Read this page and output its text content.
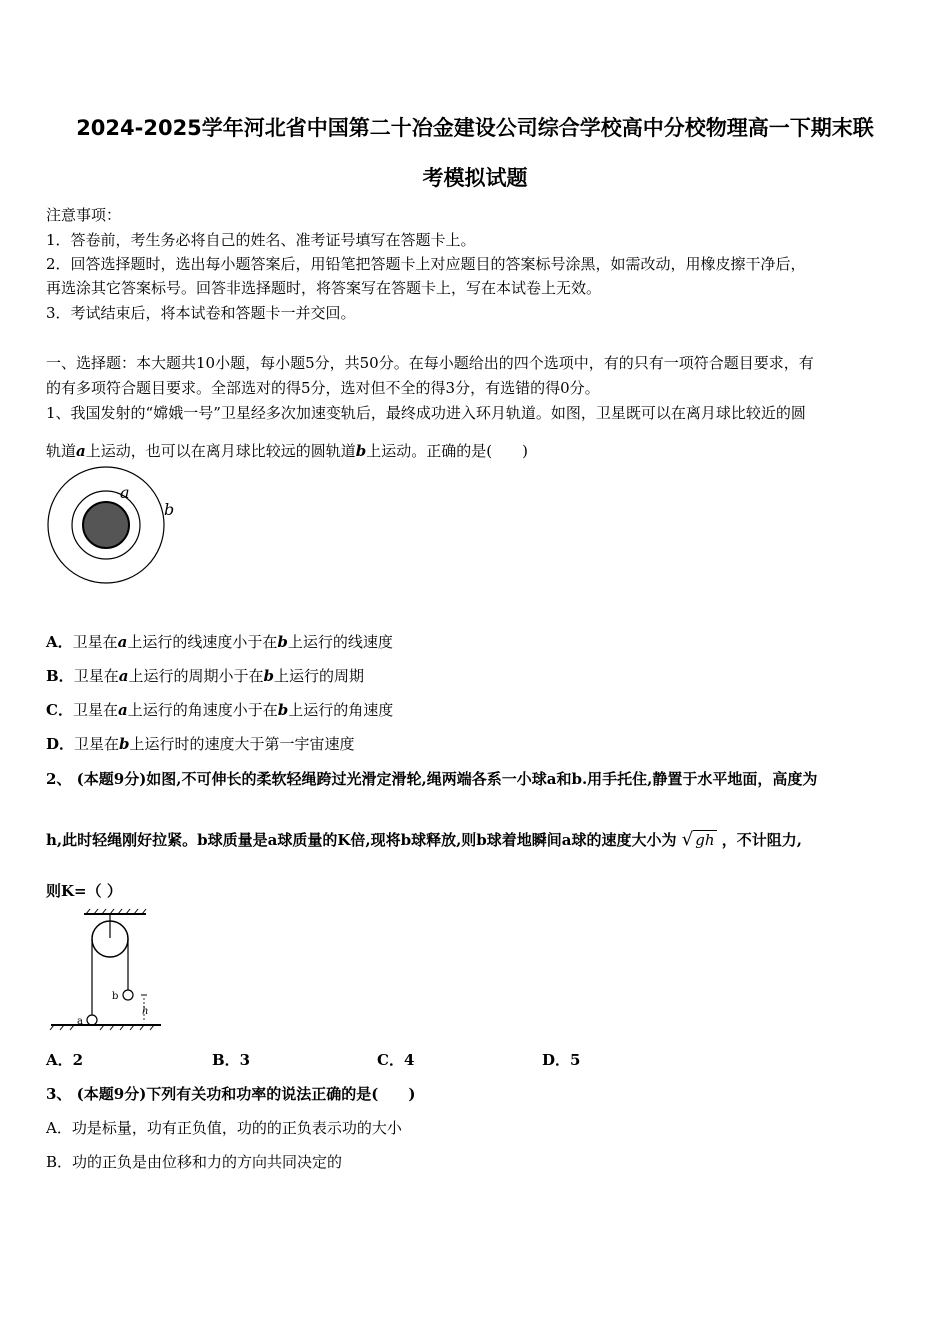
2024-2025学年河北省中国第二十冶金建设公司综合学校高中分校物理高一下期末联
考模拟试题
注意事项：
1．答卷前，考生务必将自己的姓名、准考证号填写在答题卡上。
2．回答选择题时，选出每小题答案后，用铅笔把答题卡上对应题目的答案标号涂黑，如需改动，用橡皮擦干净后，
再选涂其它答案标号。回答非选择题时，将答案写在答题卡上，写在本试卷上无效。
3．考试结束后，将本试卷和答题卡一并交回。
一、选择题：本大题共10小题，每小题5分，共50分。在每小题给出的四个选项中，有的只有一项符合题目要求，有
的有多项符合题目要求。全部选对的得5分，选对但不全的得3分，有选错的得0分。
1、我国发射的“嫦娥一号”卫星经多次加速变轨后，最终成功进入环月轨道。如图，卫星既可以在离月球比较近的圆
轨道a上运动，也可以在离月球比较远的圆轨道b上运动。正确的是(　　)
a
b
A．卫星在a上运行的线速度小于在b上运行的线速度
B．卫星在a上运行的周期小于在b上运行的周期
C．卫星在a上运行的角速度小于在b上运行的角速度
D．卫星在b上运行时的速度大于第一宇宙速度
2、 (本题9分)如图,不可伸长的柔软轻绳跨过光滑定滑轮,绳两端各系一小球a和b.用手托住,静置于水平地面，高度为
h,此时轻绳刚好拉紧。b球质量是a球质量的K倍,现将b球释放,则b球着地瞬间a球的速度大小为 √ gh ，不计阻力,
则K=（ ）
b
a
h
A．2	B．3	C．4	D．5
3、 (本题9分)下列有关功和功率的说法正确的是(　　)
A．功是标量，功有正负值，功的的正负表示功的大小
B．功的正负是由位移和力的方向共同决定的
